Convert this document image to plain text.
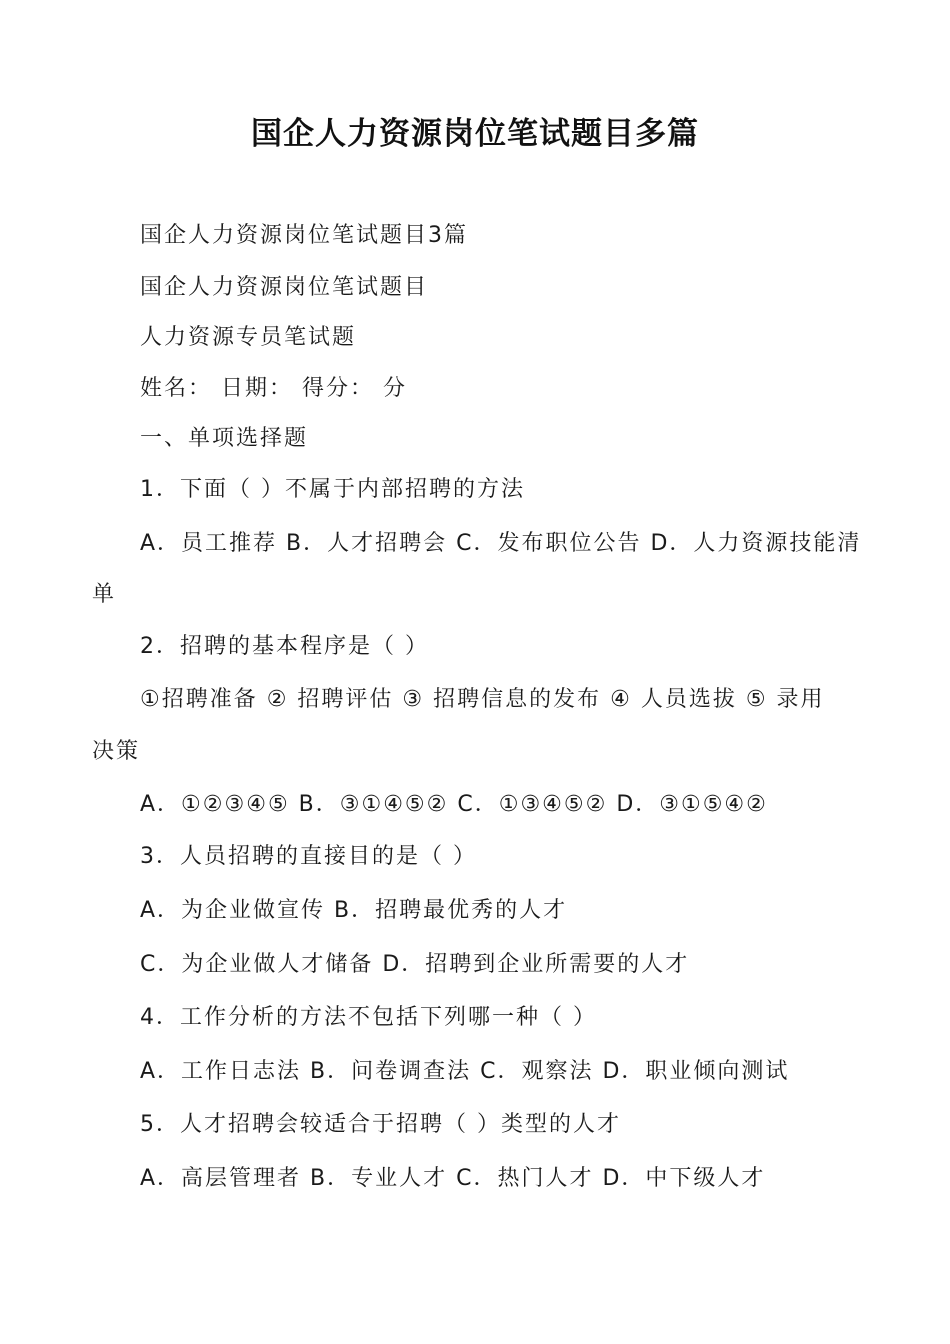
国企人力资源岗位笔试题目多篇
国企人力资源岗位笔试题目3篇
国企人力资源岗位笔试题目
人力资源专员笔试题
姓名： 日期： 得分： 分
一、单项选择题
1．下面（ ）不属于内部招聘的方法
A．员工推荐 B．人才招聘会 C．发布职位公告 D．人力资源技能清
单
2．招聘的基本程序是（ ）
①招聘准备 ② 招聘评估 ③ 招聘信息的发布 ④ 人员选拔 ⑤ 录用
决策
A．①②③④⑤ B．③①④⑤② C．①③④⑤② D．③①⑤④②
3．人员招聘的直接目的是（ ）
A．为企业做宣传 B．招聘最优秀的人才
C．为企业做人才储备 D．招聘到企业所需要的人才
4．工作分析的方法不包括下列哪一种（ ）
A．工作日志法 B．问卷调查法 C．观察法 D．职业倾向测试
5．人才招聘会较适合于招聘（ ）类型的人才
A．高层管理者 B．专业人才 C．热门人才 D．中下级人才
